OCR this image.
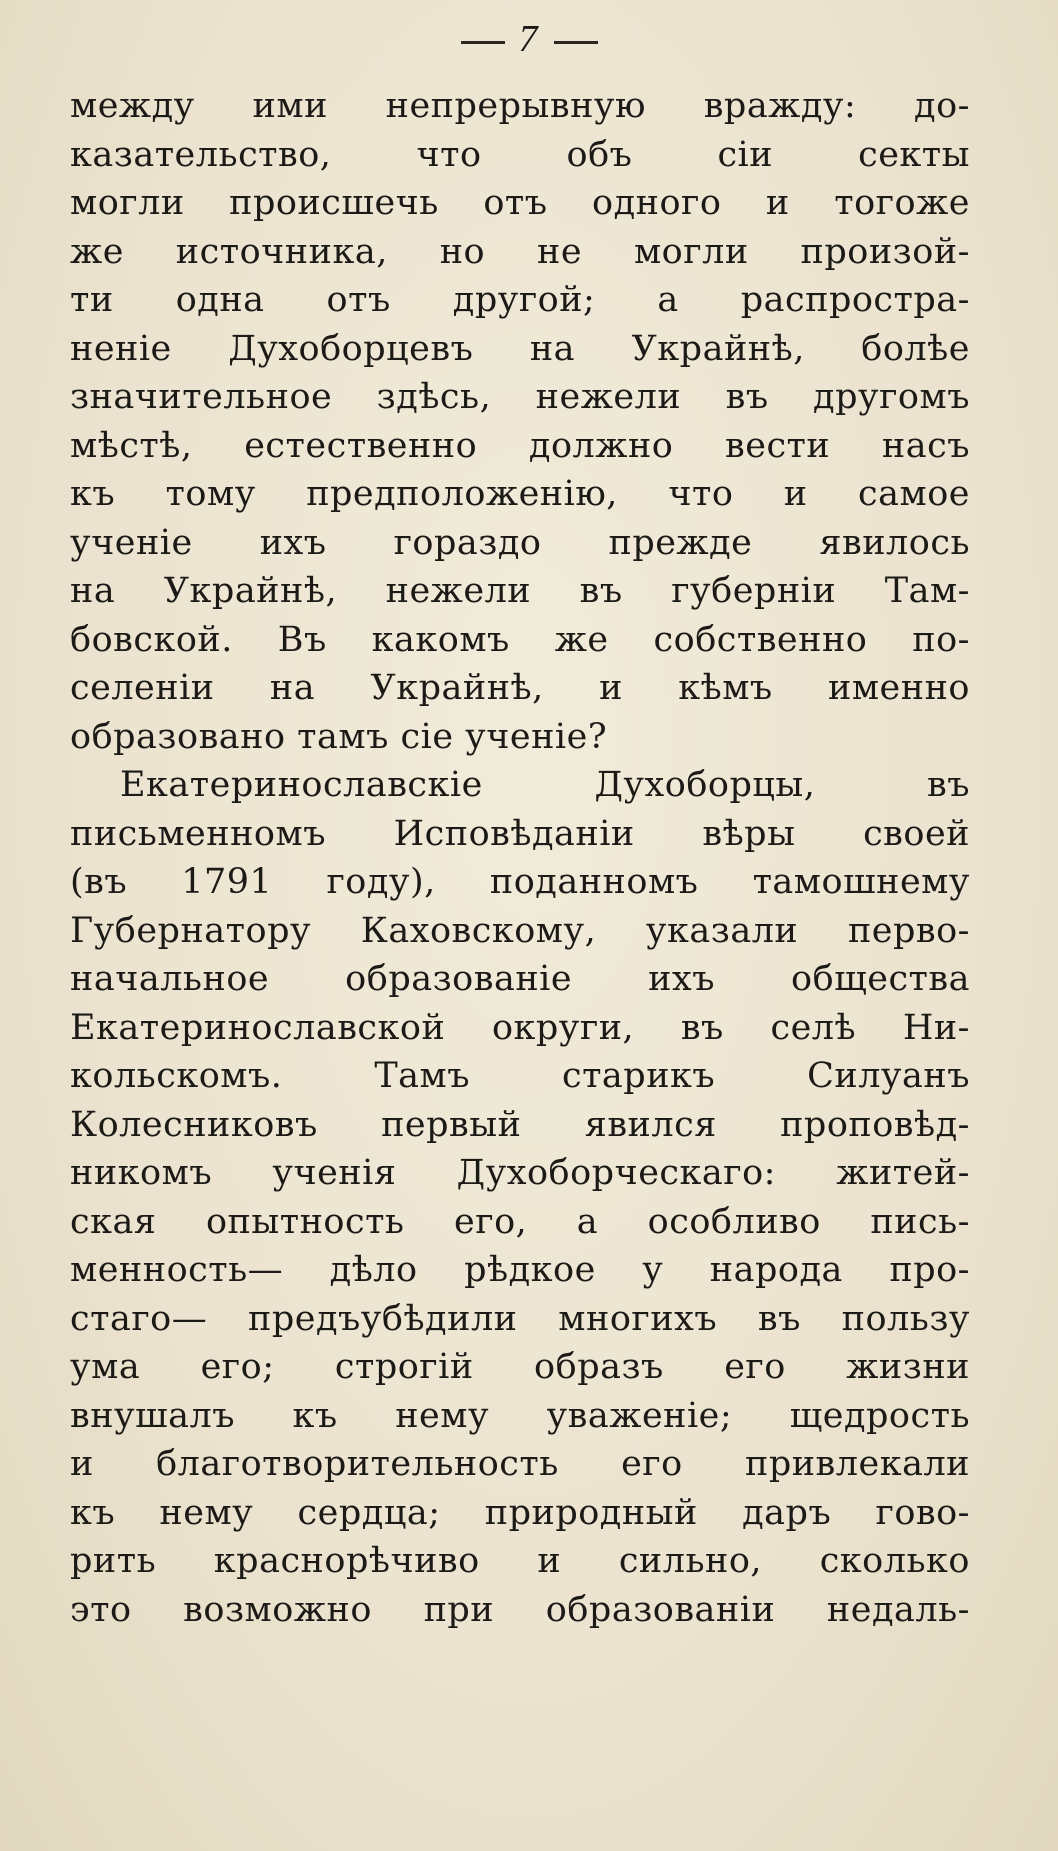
7
между ими непрерывную вражду: до-
казательство, что объ сіи секты
могли происшечь отъ одного и тогоже
же источника, но не могли произой-
ти одна отъ другой; а распростра-
неніе Духоборцевъ на Украйнѣ, болѣе
значительное здѣсь, нежели въ другомъ
мѣстѣ, естественно должно вести насъ
къ тому предположенію, что и самое
ученіе ихъ гораздо прежде явилось
на Украйнѣ, нежели въ губерніи Там-
бовской. Въ какомъ же собственно по-
селеніи на Украйнѣ, и кѣмъ именно
образовано тамъ сіе ученіе?
Екатеринославскіе Духоборцы, въ
письменномъ Исповѣданіи вѣры своей
(въ 1791 году), поданномъ тамошнему
Губернатору Каховскому, указали перво-
начальное образованіе ихъ общества
Екатеринославской округи, въ селѣ Ни-
кольскомъ. Тамъ старикъ Силуанъ
Колесниковъ первый явился проповѣд-
никомъ ученія Духоборческаго: житей-
ская опытность его, а особливо пись-
менность— дѣло рѣдкое у народа про-
стаго— предъубѣдили многихъ въ пользу
ума его; строгій образъ его жизни
внушалъ къ нему уваженіе; щедрость
и благотворительность его привлекали
къ нему сердца; природный даръ гово-
рить краснорѣчиво и сильно, сколько
это возможно при образованіи недаль-
